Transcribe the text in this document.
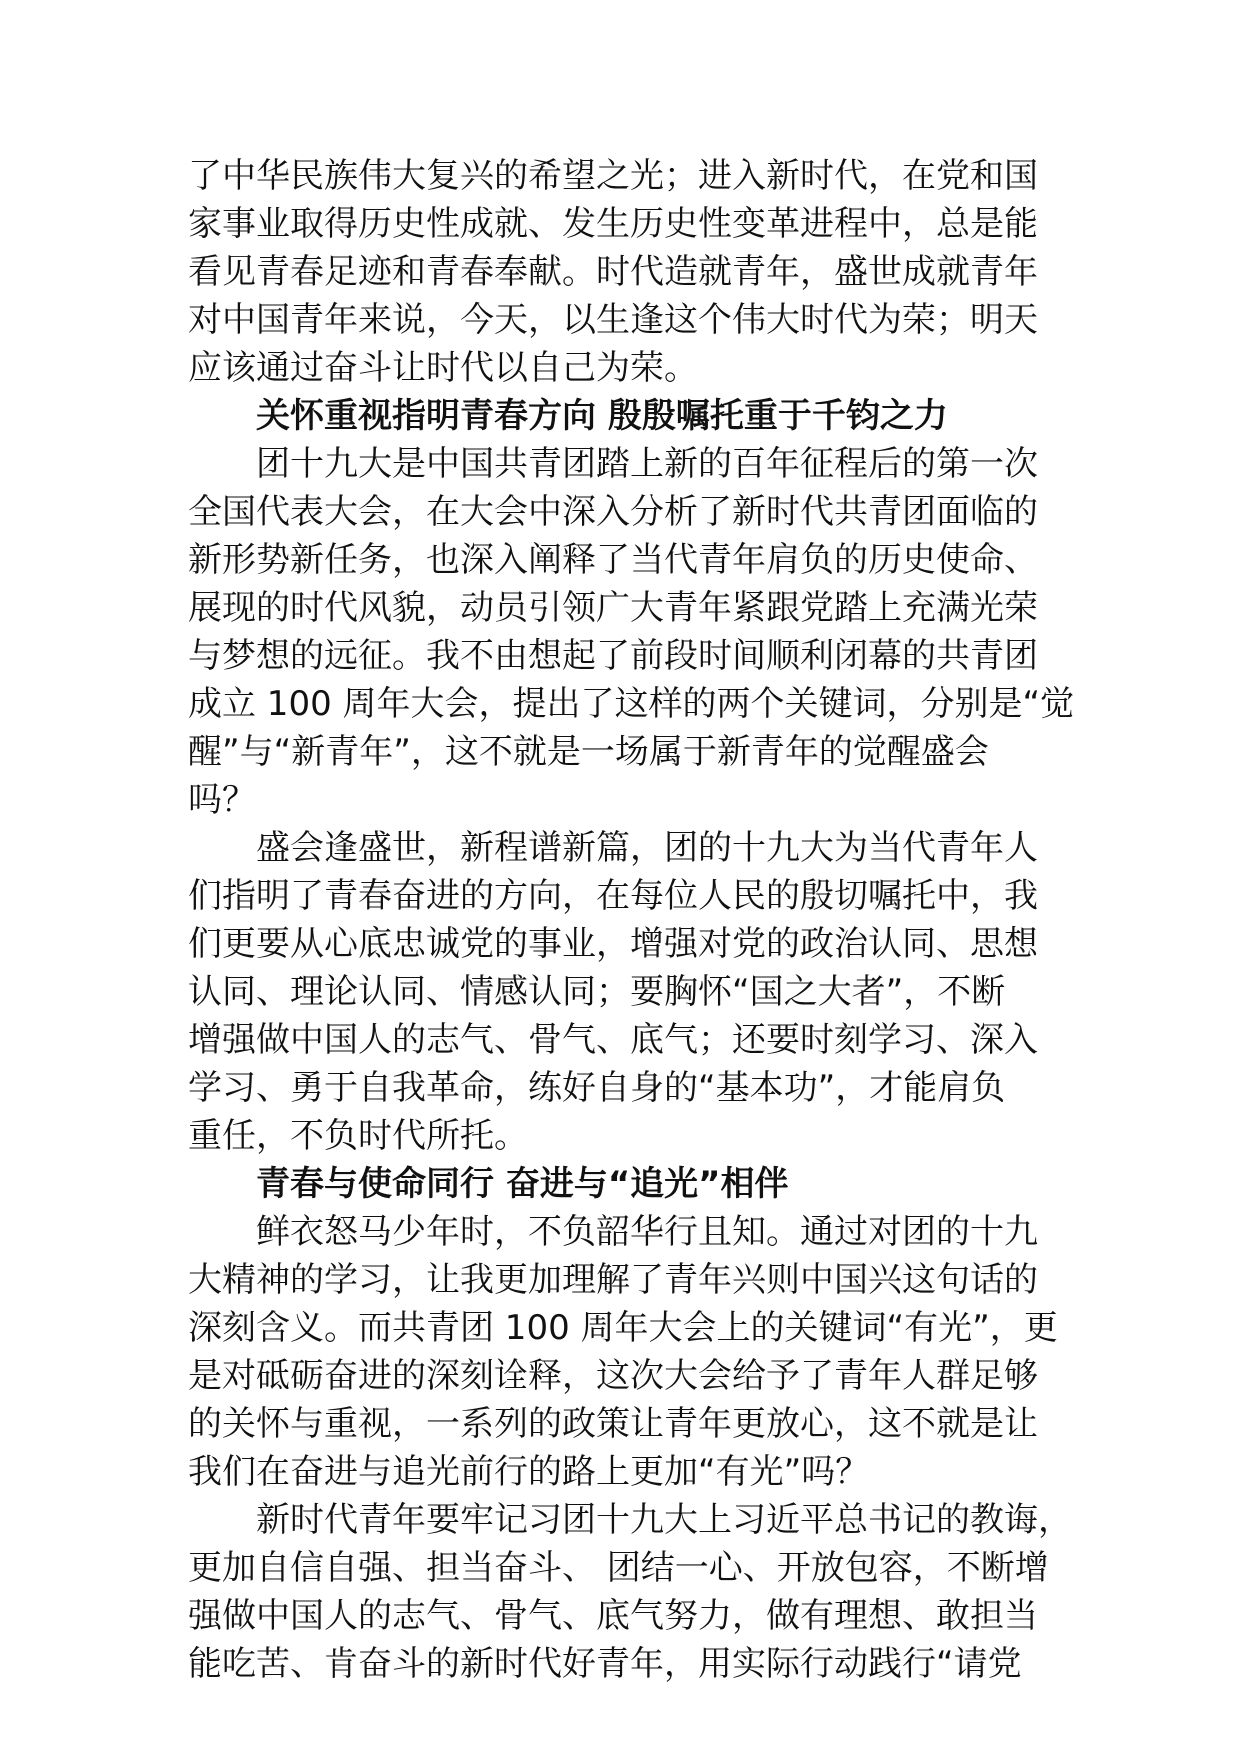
了中华民族伟大复兴的希望之光；进入新时代，在党和国
家事业取得历史性成就、发生历史性变革进程中，总是能
看见青春足迹和青春奉献。时代造就青年，盛世成就青年
对中国青年来说，今天，以生逢这个伟大时代为荣；明天
应该通过奋斗让时代以自己为荣。
关怀重视指明青春方向 殷殷嘱托重于千钧之力
团十九大是中国共青团踏上新的百年征程后的第一次
全国代表大会，在大会中深入分析了新时代共青团面临的
新形势新任务，也深入阐释了当代青年肩负的历史使命、
展现的时代风貌，动员引领广大青年紧跟党踏上充满光荣
与梦想的远征。我不由想起了前段时间顺利闭幕的共青团
成立 100 周年大会，提出了这样的两个关键词，分别是“觉
醒”与“新青年”，这不就是一场属于新青年的觉醒盛会
吗？
盛会逢盛世，新程谱新篇，团的十九大为当代青年人
们指明了青春奋进的方向，在每位人民的殷切嘱托中，我
们更要从心底忠诚党的事业，增强对党的政治认同、思想
认同、理论认同、情感认同；要胸怀“国之大者”，不断
增强做中国人的志气、骨气、底气；还要时刻学习、深入
学习、勇于自我革命，练好自身的“基本功”，才能肩负
重任，不负时代所托。
青春与使命同行 奋进与“追光”相伴
鲜衣怒马少年时，不负韶华行且知。通过对团的十九
大精神的学习，让我更加理解了青年兴则中国兴这句话的
深刻含义。而共青团 100 周年大会上的关键词“有光”，更
是对砥砺奋进的深刻诠释，这次大会给予了青年人群足够
的关怀与重视，一系列的政策让青年更放心，这不就是让
我们在奋进与追光前行的路上更加“有光”吗？
新时代青年要牢记习团十九大上习近平总书记的教诲，
更加自信自强、担当奋斗、 团结一心、开放包容，不断增
强做中国人的志气、骨气、底气努力，做有理想、敢担当
能吃苦、肯奋斗的新时代好青年，用实际行动践行“请党
